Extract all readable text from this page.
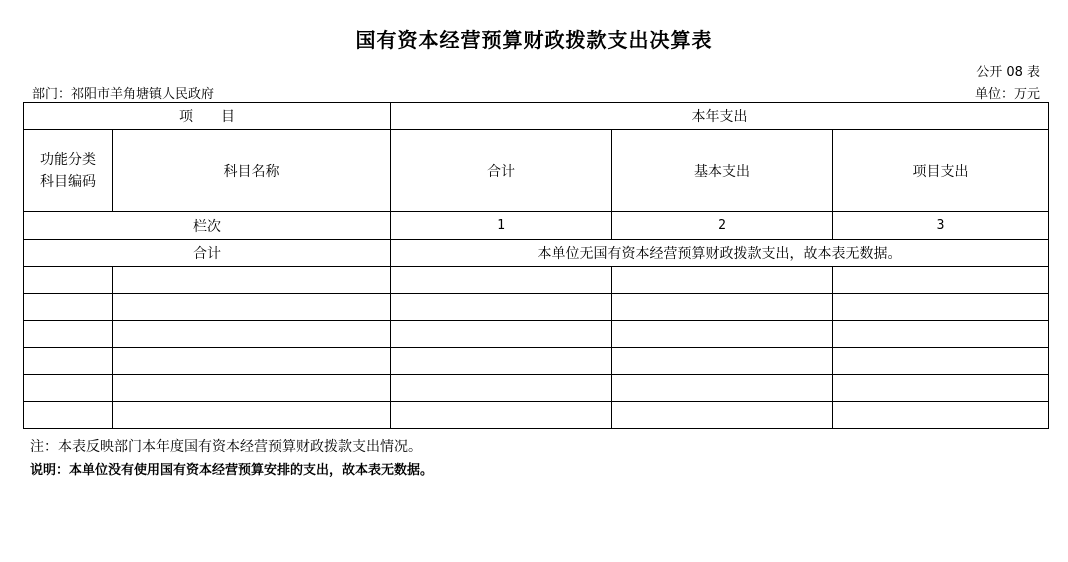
国有资本经营预算财政拨款支出决算表
公开 08 表
部门：祁阳市羊角塘镇人民政府	单位：万元
项　　目		本年支出		
功能分类科目编码	科目名称	合计	基本支出	项目支出
栏次		1	2	3
合计		本单位无国有资本经营预算财政拨款支出，故本表无数据。		

注：本表反映部门本年度国有资本经营预算财政拨款支出情况。
说明：本单位没有使用国有资本经营预算安排的支出，故本表无数据。
